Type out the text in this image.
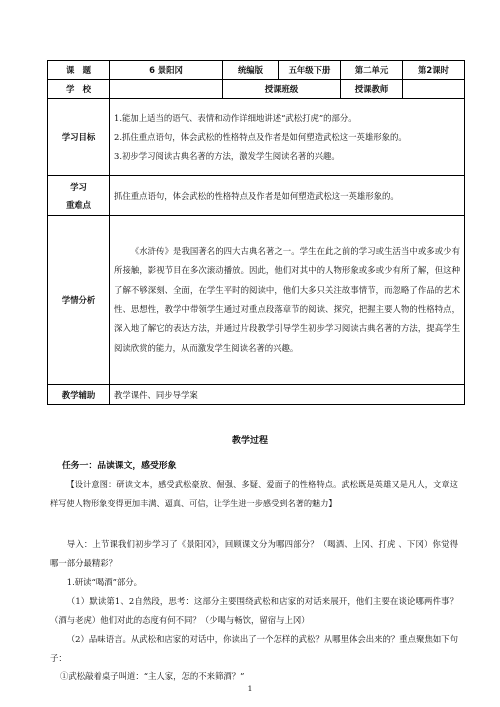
课　题	6 景阳冈	统编版	五年级下册	第二单元	第2课时
学　校		授课班级		授课教师	
学习目标	1.能加上适当的语气、表情和动作详细地讲述“武松打虎”的部分。
2.抓住重点语句，体会武松的性格特点及作者是如何塑造武松这一英雄形象的。
3.初步学习阅读古典名著的方法，激发学生阅读名著的兴趣。				

学习
重难点	抓住重点语句，体会武松的性格特点及作者是如何塑造武松这一英雄形象的。				
学情分析	《水浒传》是我国著名的四大古典名著之一。学生在此之前的学习或生活当中或多或少有所接触，影视节目在多次滚动播放。因此，他们对其中的人物形象或多或少有所了解，但这种了解不够深刻、全面，在学生平时的阅读中，他们大多只关注故事情节，而忽略了作品的艺术性、思想性，教学中带领学生通过对重点段落章节的阅读、探究，把握主要人物的性格特点，深入地了解它的表达方法，并通过片段教学引导学生初步学习阅读古典名著的方法，提高学生阅读欣赏的能力，从而激发学生阅读名著的兴趣。				

教学辅助	教学课件、同步导学案				
教学过程
任务一：品读课文，感受形象
【设计意图：研读文本，感受武松豪放、倔强、多疑、爱面子的性格特点。武松既是英雄又是凡人，文章这样写使人物形象变得更加丰满、逼真、可信，让学生进一步感受到名著的魅力】
导入：上节课我们初步学习了《景阳冈》，回顾课文分为哪四部分？（喝酒、上冈、打虎 、下冈）你觉得哪一部分最精彩？
1.研读“喝酒”部分。
（1）默读第1、2自然段，思考：这部分主要围绕武松和店家的对话来展开，他们主要在谈论哪两件事？（酒与老虎）他们对此的态度有何不同？（少喝与畅饮，留宿与上冈）
（2）品味语言。从武松和店家的对话中，你读出了一个怎样的武松？从哪里体会出来的？重点聚焦如下句子：
①武松敲着桌子叫道：“主人家，怎的不来筛酒？”
1
